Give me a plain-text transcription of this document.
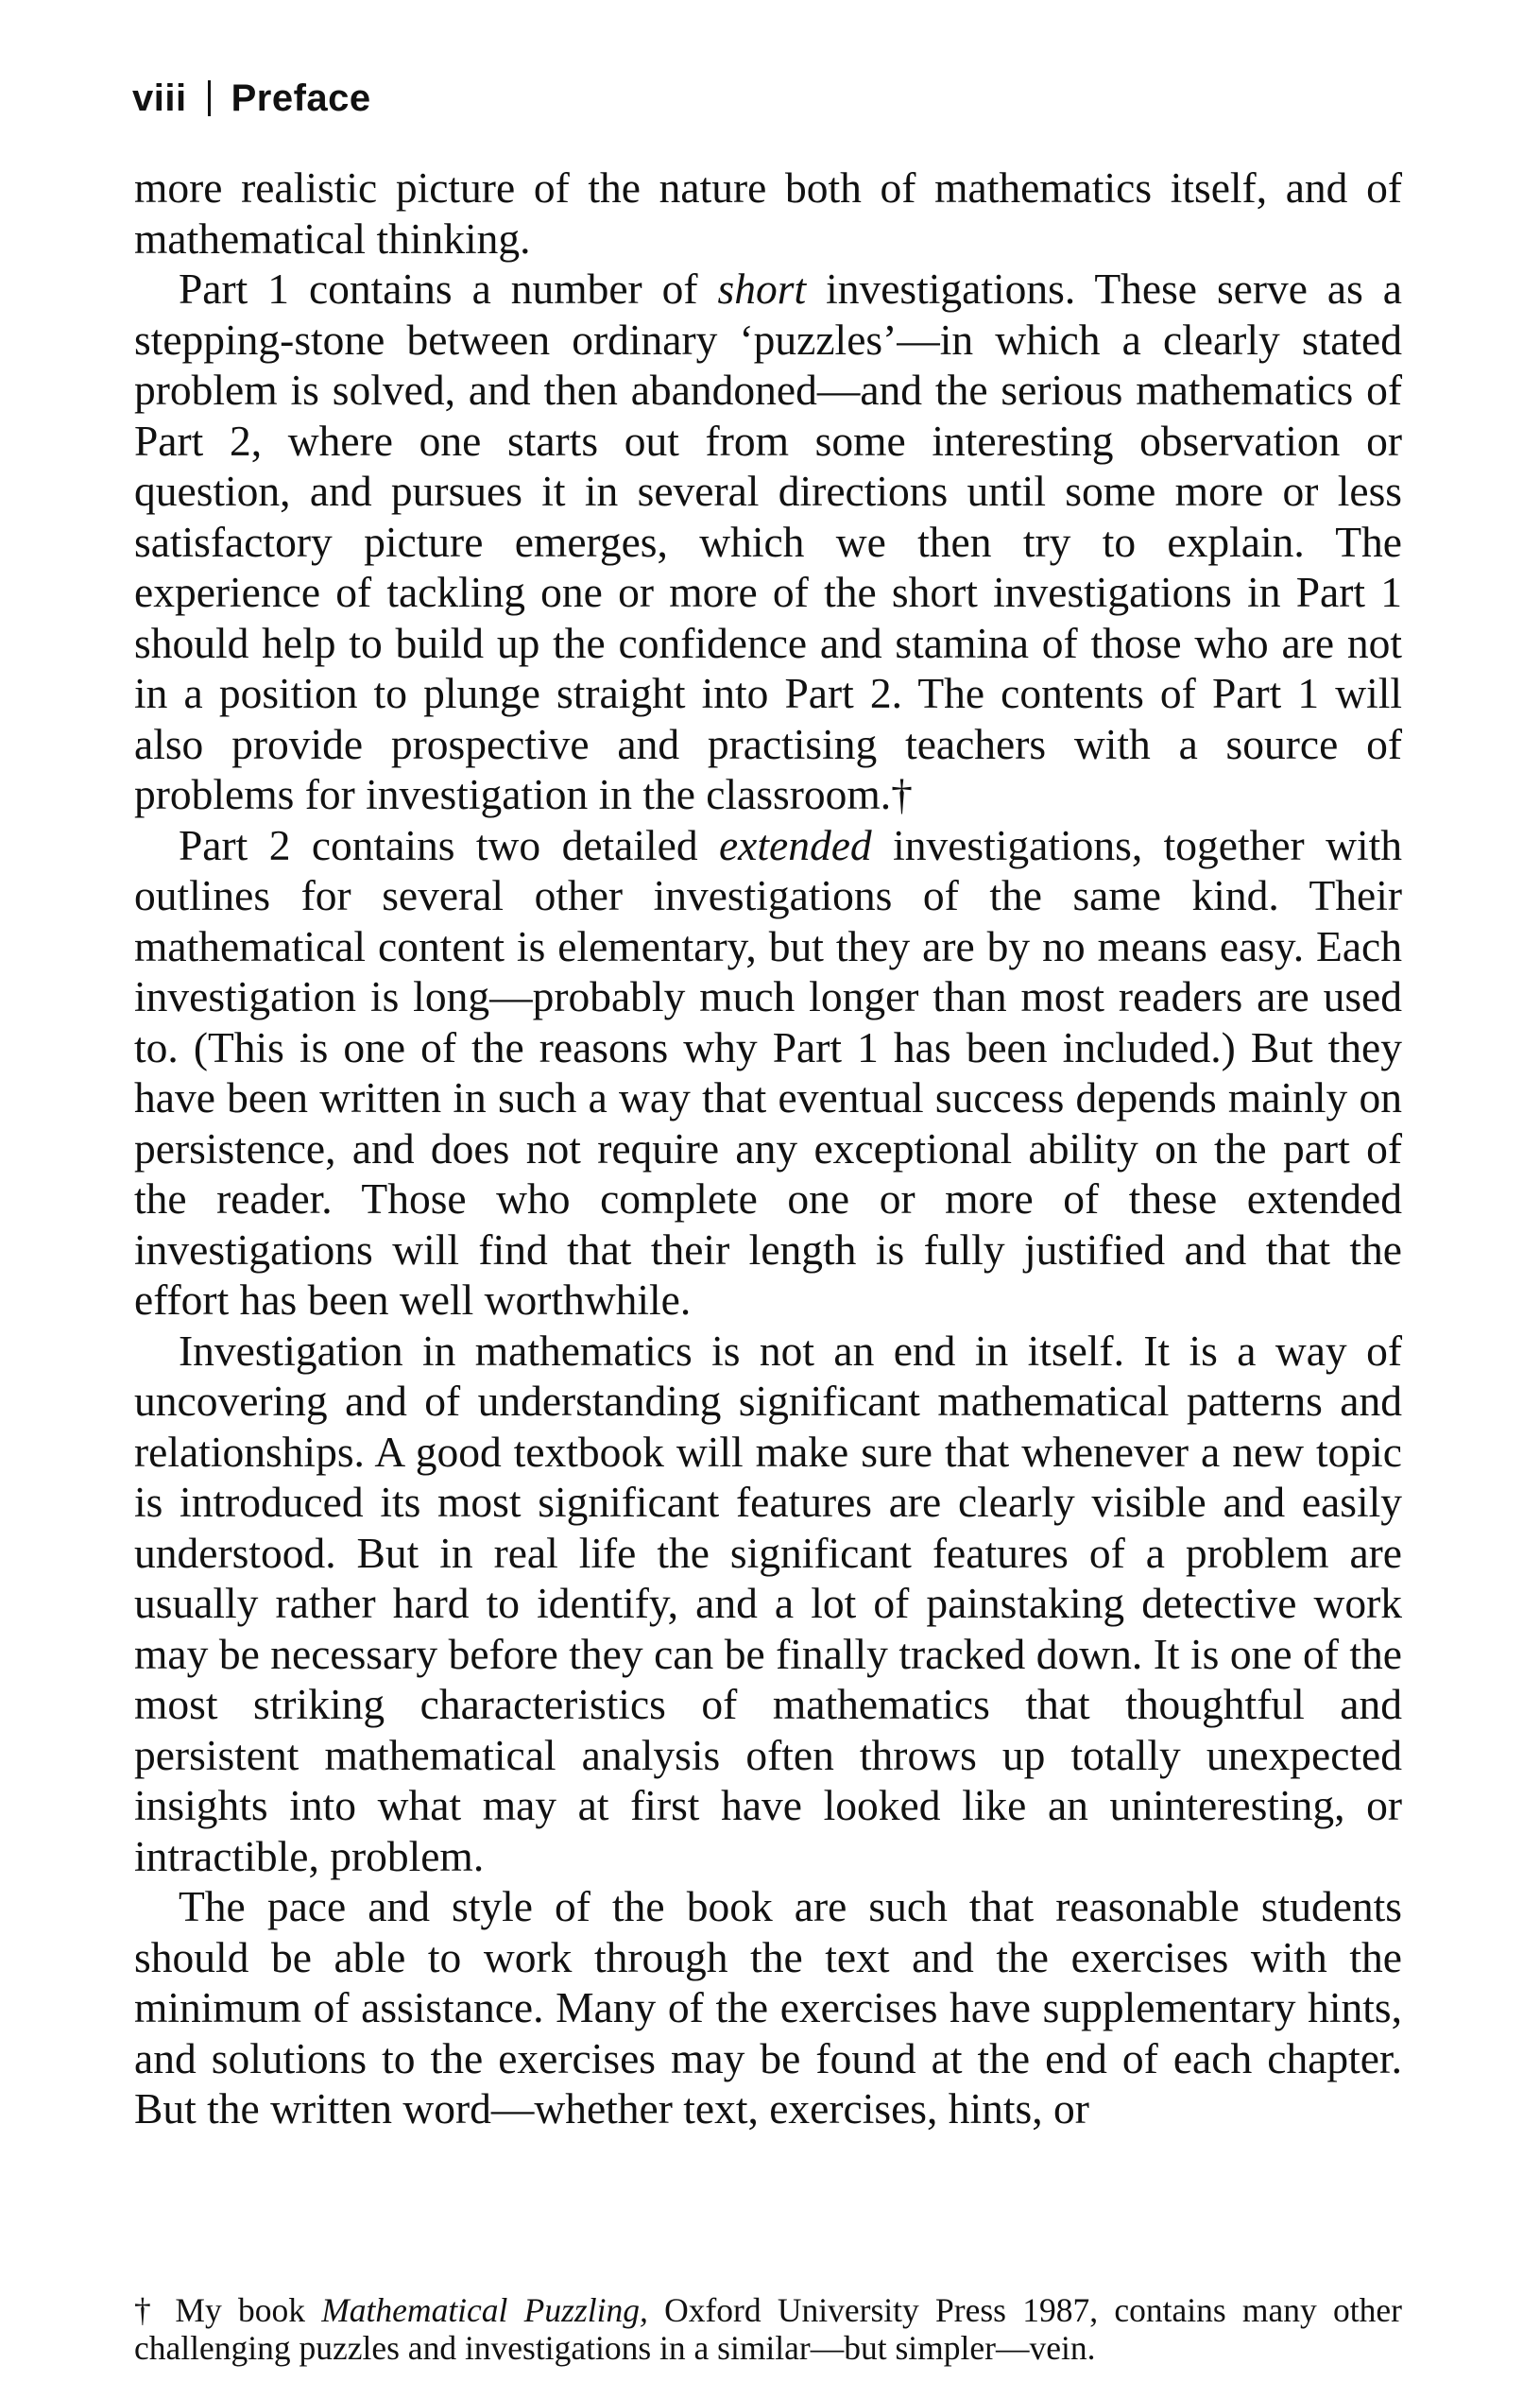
viii Preface

more realistic picture of the nature both of mathematics itself, and of mathematical thinking.

Part 1 contains a number of short investigations. These serve as a stepping-stone between ordinary ‘puzzles’—in which a clearly stated problem is solved, and then abandoned—and the serious mathematics of Part 2, where one starts out from some interesting observation or question, and pursues it in several directions until some more or less satisfactory picture emerges, which we then try to explain. The experience of tackling one or more of the short investigations in Part 1 should help to build up the confidence and stamina of those who are not in a position to plunge straight into Part 2. The contents of Part 1 will also provide prospective and practising teachers with a source of problems for investigation in the classroom.†

Part 2 contains two detailed extended investigations, together with outlines for several other investigations of the same kind. Their mathematical content is elementary, but they are by no means easy. Each investigation is long—probably much longer than most readers are used to. (This is one of the reasons why Part 1 has been included.) But they have been written in such a way that eventual success depends mainly on persistence, and does not require any exceptional ability on the part of the reader. Those who complete one or more of these extended investigations will find that their length is fully justified and that the effort has been well worthwhile.

Investigation in mathematics is not an end in itself. It is a way of uncovering and of understanding significant mathematical patterns and relationships. A good textbook will make sure that whenever a new topic is introduced its most significant features are clearly visible and easily understood. But in real life the significant features of a problem are usually rather hard to identify, and a lot of painstaking detective work may be necessary before they can be finally tracked down. It is one of the most striking characteristics of mathematics that thoughtful and persistent mathematical analysis often throws up totally unexpected insights into what may at first have looked like an uninteresting, or intractible, problem.

The pace and style of the book are such that reasonable students should be able to work through the text and the exercises with the minimum of assistance. Many of the exercises have supplementary hints, and solutions to the exercises may be found at the end of each chapter. But the written word—whether text, exercises, hints, or

† My book Mathematical Puzzling, Oxford University Press 1987, contains many other challenging puzzles and investigations in a similar—but simpler—vein.
